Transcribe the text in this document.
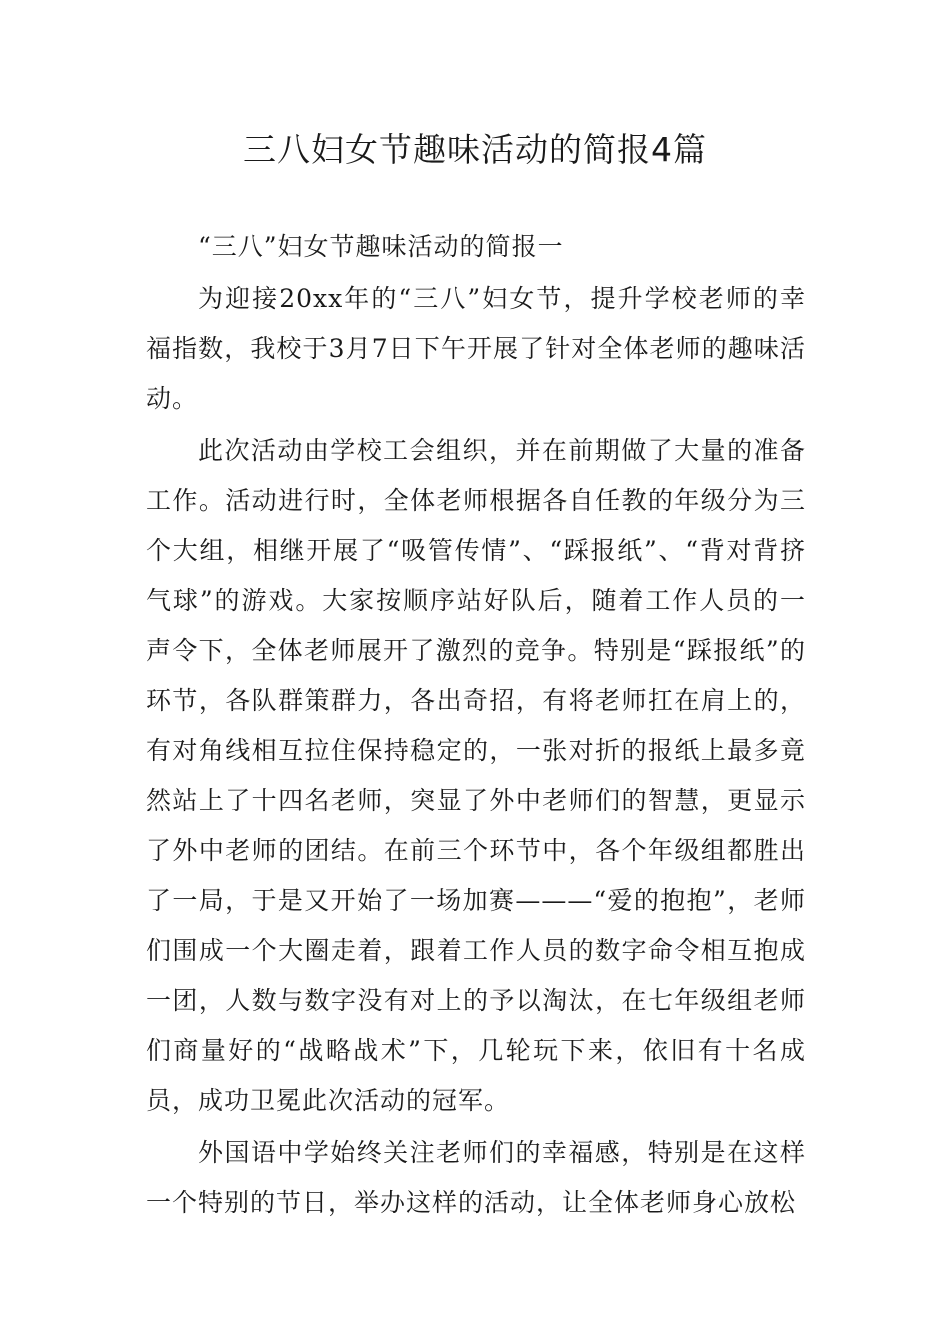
三八妇女节趣味活动的简报4篇

“三八”妇女节趣味活动的简报一

为迎接20xx年的“三八”妇女节，提升学校老师的幸福指数，我校于3月7日下午开展了针对全体老师的趣味活动。

此次活动由学校工会组织，并在前期做了大量的准备工作。活动进行时，全体老师根据各自任教的年级分为三个大组，相继开展了“吸管传情”、“踩报纸”、“背对背挤气球”的游戏。大家按顺序站好队后，随着工作人员的一声令下，全体老师展开了激烈的竞争。特别是“踩报纸”的环节，各队群策群力，各出奇招，有将老师扛在肩上的，有对角线相互拉住保持稳定的，一张对折的报纸上最多竟然站上了十四名老师，突显了外中老师们的智慧，更显示了外中老师的团结。在前三个环节中，各个年级组都胜出了一局，于是又开始了一场加赛———“爱的抱抱”，老师们围成一个大圈走着，跟着工作人员的数字命令相互抱成一团，人数与数字没有对上的予以淘汰，在七年级组老师们商量好的“战略战术”下，几轮玩下来，依旧有十名成员，成功卫冕此次活动的冠军。

外国语中学始终关注老师们的幸福感，特别是在这样一个特别的节日，举办这样的活动，让全体老师身心放松
